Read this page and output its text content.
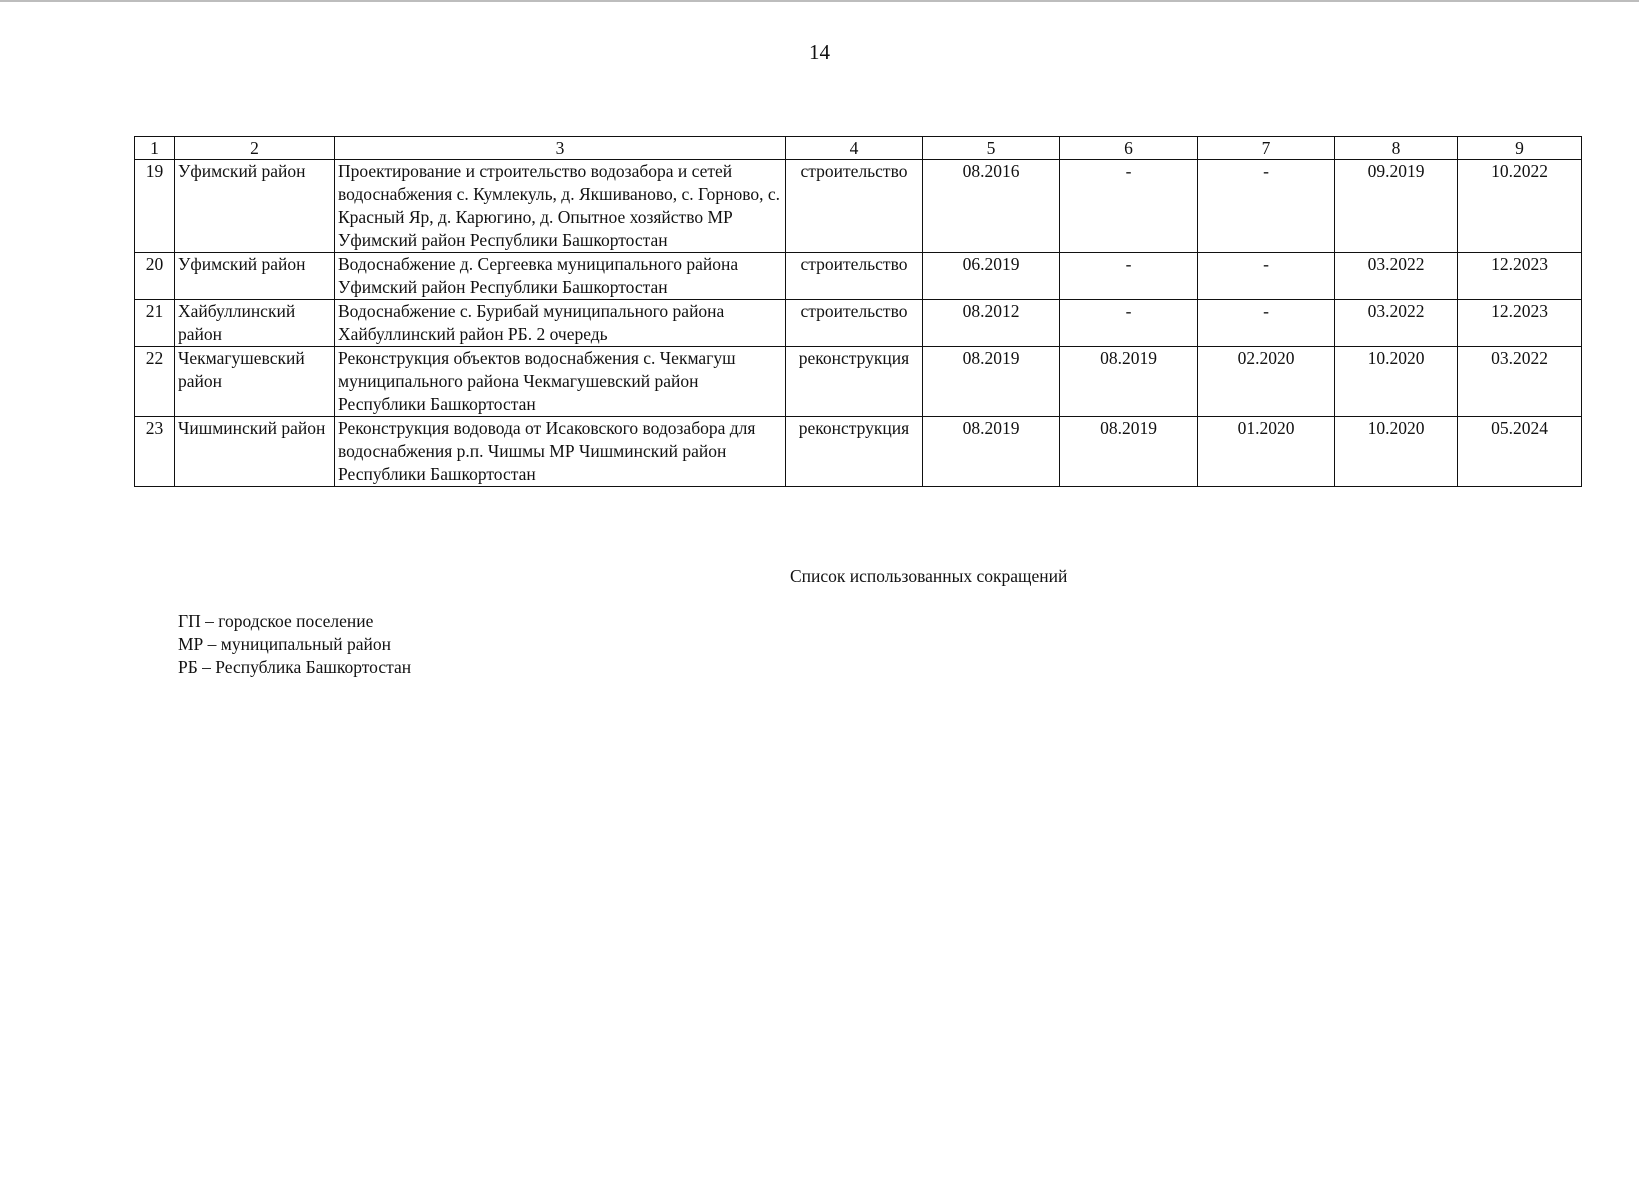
14
1	2	3	4	5	6	7	8	9
19	Уфимский район	Проектирование и строительство водозабора и сетей водоснабжения с. Кумлекуль, д. Якшиваново, с. Горново, с. Красный Яр, д. Карюгино, д. Опытное хозяйство МР Уфимский район Республики Башкортостан	строительство	08.2016	-	-	09.2019	10.2022
20	Уфимский район	Водоснабжение д. Сергеевка муниципального района Уфимский район Республики Башкортостан	строительство	06.2019	-	-	03.2022	12.2023
21	Хайбуллинский район	Водоснабжение с. Бурибай муниципального района Хайбуллинский район РБ. 2 очередь	строительство	08.2012	-	-	03.2022	12.2023
22	Чекмагушевский район	Реконструкция объектов водоснабжения с. Чекмагуш муниципального района Чекмагушевский район Республики Башкортостан	реконструкция	08.2019	08.2019	02.2020	10.2020	03.2022
23	Чишминский район	Реконструкция водовода от Исаковского водозабора для водоснабжения р.п. Чишмы МР Чишминский район Республики Башкортостан	реконструкция	08.2019	08.2019	01.2020	10.2020	05.2024
Список использованных сокращений
ГП – городское поселение
МР – муниципальный район
РБ – Республика Башкортостан
